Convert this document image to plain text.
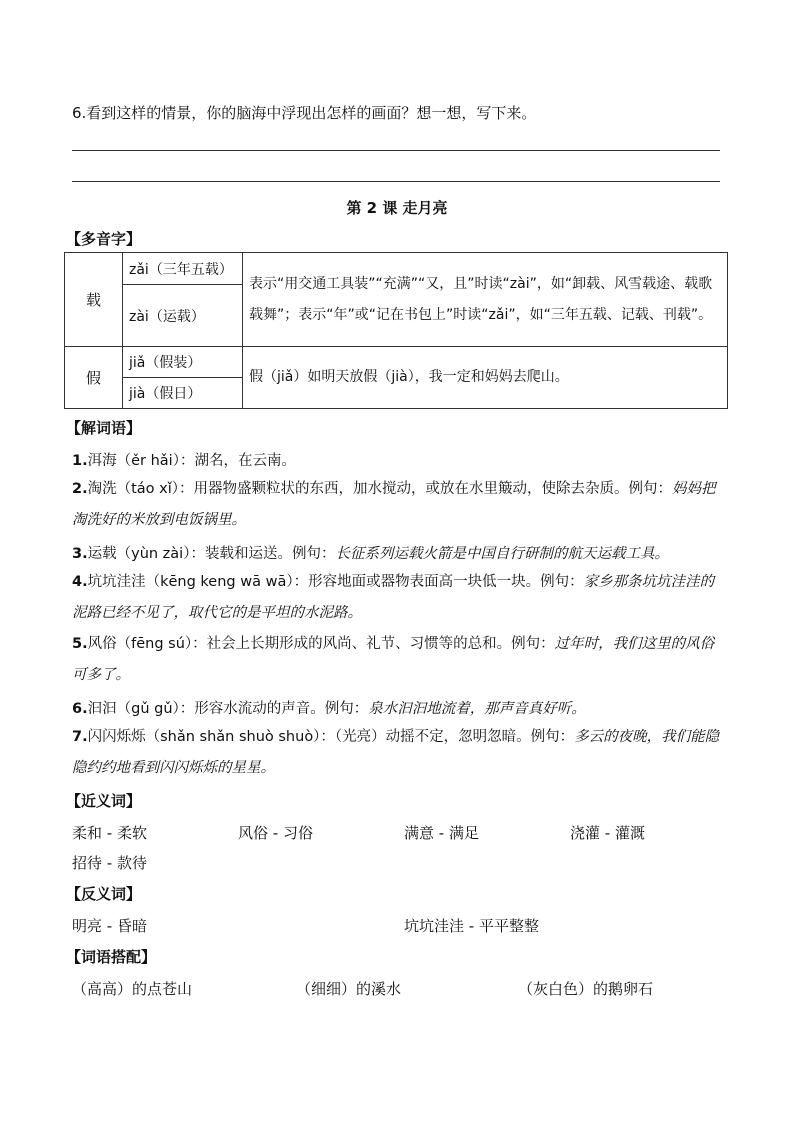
6.看到这样的情景，你的脑海中浮现出怎样的画面？想一想，写下来。
第 2 课 走月亮
【多音字】
载	zǎi（三年五载）	表示“用交通工具装”“充满”“又，且”时读“zài”，如“卸载、风雪载途、载歌载舞”；表示“年”或“记在书包上”时读“zǎi”，如“三年五载、记载、刊载”。
	zài（运载）	
假	jiǎ（假装）	假（jiǎ）如明天放假（jià），我一定和妈妈去爬山。
	jià（假日）	
【解词语】
1.洱海（ěr hǎi）：湖名，在云南。
2.淘洗（táo xǐ）：用器物盛颗粒状的东西，加水搅动，或放在水里簸动，使除去杂质。例句：妈妈把淘洗好的米放到电饭锅里。
3.运载（yùn zài）：装载和运送。例句：长征系列运载火箭是中国自行研制的航天运载工具。
4.坑坑洼洼（kēng keng wā wā）：形容地面或器物表面高一块低一块。例句：家乡那条坑坑洼洼的泥路已经不见了，取代它的是平坦的水泥路。
5.风俗（fēng sú）：社会上长期形成的风尚、礼节、习惯等的总和。例句：过年时，我们这里的风俗可多了。
6.汩汩（gǔ gǔ）：形容水流动的声音。例句：泉水汩汩地流着，那声音真好听。
7.闪闪烁烁（shǎn shǎn shuò shuò）：（光亮）动摇不定，忽明忽暗。例句：多云的夜晚，我们能隐隐约约地看到闪闪烁烁的星星。
【近义词】
柔和 - 柔软	风俗 - 习俗	满意 - 满足	浇灌 - 灌溉
招待 - 款待
【反义词】
明亮 - 昏暗	坑坑洼洼 - 平平整整
【词语搭配】
（高高）的点苍山	（细细）的溪水	（灰白色）的鹅卵石
